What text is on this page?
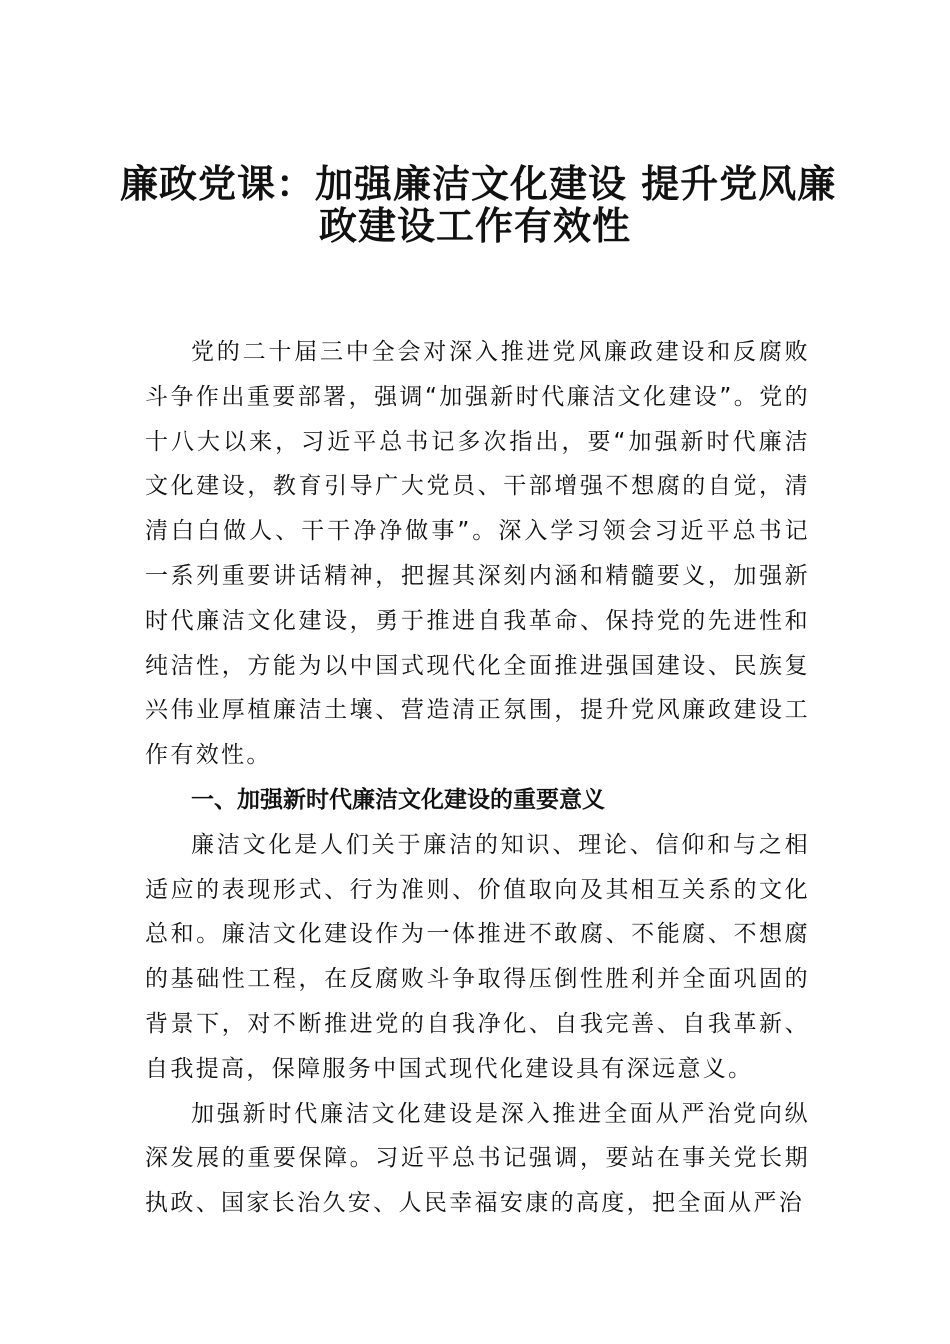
廉政党课：加强廉洁文化建设 提升党风廉
政建设工作有效性

党的二十届三中全会对深入推进党风廉政建设和反腐败斗争作出重要部署，强调“加强新时代廉洁文化建设”。党的十八大以来，习近平总书记多次指出，要“加强新时代廉洁文化建设，教育引导广大党员、干部增强不想腐的自觉，清清白白做人、干干净净做事”。深入学习领会习近平总书记一系列重要讲话精神，把握其深刻内涵和精髓要义，加强新时代廉洁文化建设，勇于推进自我革命、保持党的先进性和纯洁性，方能为以中国式现代化全面推进强国建设、民族复兴伟业厚植廉洁土壤、营造清正氛围，提升党风廉政建设工作有效性。

一、加强新时代廉洁文化建设的重要意义

廉洁文化是人们关于廉洁的知识、理论、信仰和与之相适应的表现形式、行为准则、价值取向及其相互关系的文化总和。廉洁文化建设作为一体推进不敢腐、不能腐、不想腐的基础性工程，在反腐败斗争取得压倒性胜利并全面巩固的背景下，对不断推进党的自我净化、自我完善、自我革新、自我提高，保障服务中国式现代化建设具有深远意义。

加强新时代廉洁文化建设是深入推进全面从严治党向纵深发展的重要保障。习近平总书记强调，要站在事关党长期执政、国家长治久安、人民幸福安康的高度，把全面从严治
